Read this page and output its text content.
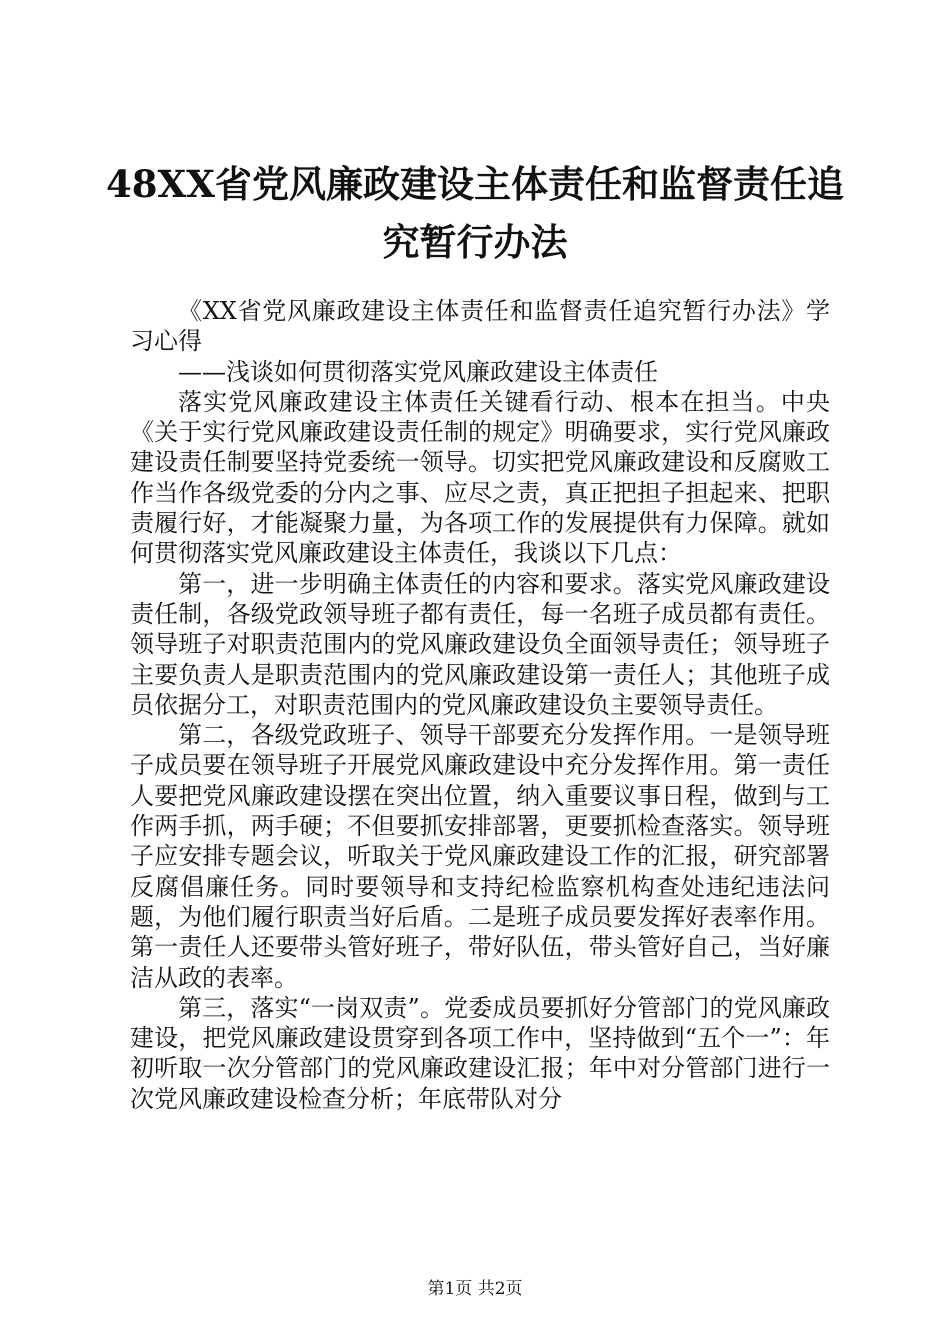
48XX省党风廉政建设主体责任和监督责任追
究暂行办法

《XX省党风廉政建设主体责任和监督责任追究暂行办法》学习心得

——浅谈如何贯彻落实党风廉政建设主体责任

落实党风廉政建设主体责任关键看行动、根本在担当。中央《关于实行党风廉政建设责任制的规定》明确要求，实行党风廉政建设责任制要坚持党委统一领导。切实把党风廉政建设和反腐败工作当作各级党委的分内之事、应尽之责，真正把担子担起来、把职责履行好，才能凝聚力量，为各项工作的发展提供有力保障。就如何贯彻落实党风廉政建设主体责任，我谈以下几点：

第一，进一步明确主体责任的内容和要求。落实党风廉政建设责任制，各级党政领导班子都有责任，每一名班子成员都有责任。领导班子对职责范围内的党风廉政建设负全面领导责任；领导班子主要负责人是职责范围内的党风廉政建设第一责任人；其他班子成员依据分工，对职责范围内的党风廉政建设负主要领导责任。

第二，各级党政班子、领导干部要充分发挥作用。一是领导班子成员要在领导班子开展党风廉政建设中充分发挥作用。第一责任人要把党风廉政建设摆在突出位置，纳入重要议事日程，做到与工作两手抓，两手硬；不但要抓安排部署，更要抓检查落实。领导班子应安排专题会议，听取关于党风廉政建设工作的汇报，研究部署反腐倡廉任务。同时要领导和支持纪检监察机构查处违纪违法问题，为他们履行职责当好后盾。二是班子成员要发挥好表率作用。第一责任人还要带头管好班子，带好队伍，带头管好自己，当好廉洁从政的表率。

第三，落实“一岗双责”。党委成员要抓好分管部门的党风廉政建设，把党风廉政建设贯穿到各项工作中，坚持做到“五个一”：年初听取一次分管部门的党风廉政建设汇报；年中对分管部门进行一次党风廉政建设检查分析；年底带队对分

第1页 共2页
